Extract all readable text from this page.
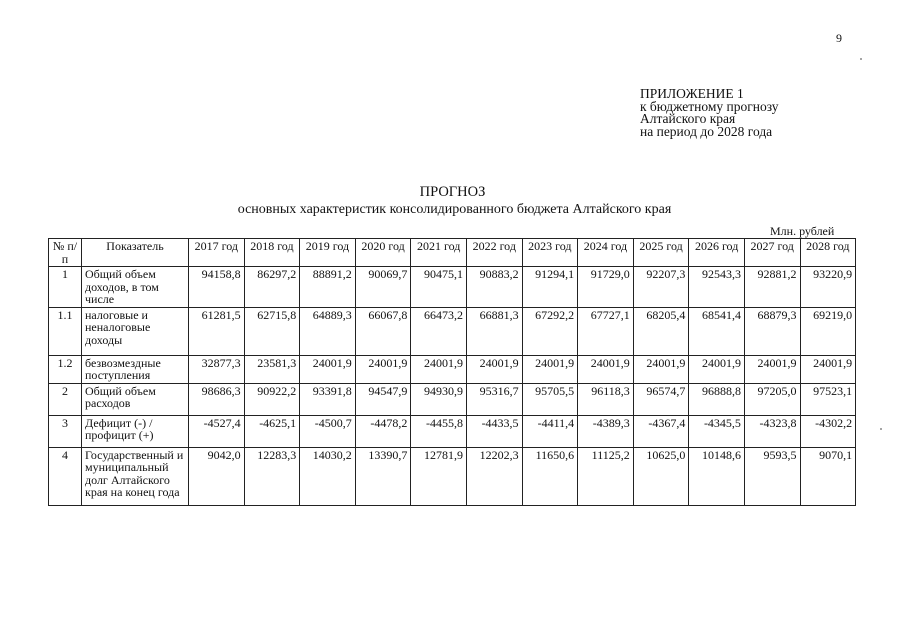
9
ПРИЛОЖЕНИЕ 1
к бюджетному прогнозу
Алтайского края
на период до 2028 года
ПРОГНОЗ
основных характеристик консолидированного бюджета Алтайского края
Млн. рублей
№ п/п	Показатель	2017 год	2018 год	2019 год	2020 год	2021 год	2022 год	2023 год	2024 год	2025 год	2026 год	2027 год	2028 год
1	Общий объем доходов, в том числе	94158,8	86297,2	88891,2	90069,7	90475,1	90883,2	91294,1	91729,0	92207,3	92543,3	92881,2	93220,9
1.1	налоговые и неналоговые доходы	61281,5	62715,8	64889,3	66067,8	66473,2	66881,3	67292,2	67727,1	68205,4	68541,4	68879,3	69219,0
1.2	безвозмездные поступления	32877,3	23581,3	24001,9	24001,9	24001,9	24001,9	24001,9	24001,9	24001,9	24001,9	24001,9	24001,9
2	Общий объем расходов	98686,3	90922,2	93391,8	94547,9	94930,9	95316,7	95705,5	96118,3	96574,7	96888,8	97205,0	97523,1
3	Дефицит (-) / профицит (+)	-4527,4	-4625,1	-4500,7	-4478,2	-4455,8	-4433,5	-4411,4	-4389,3	-4367,4	-4345,5	-4323,8	-4302,2
4	Государственный и муниципальный долг Алтайского края на конец года	9042,0	12283,3	14030,2	13390,7	12781,9	12202,3	11650,6	11125,2	10625,0	10148,6	9593,5	9070,1
